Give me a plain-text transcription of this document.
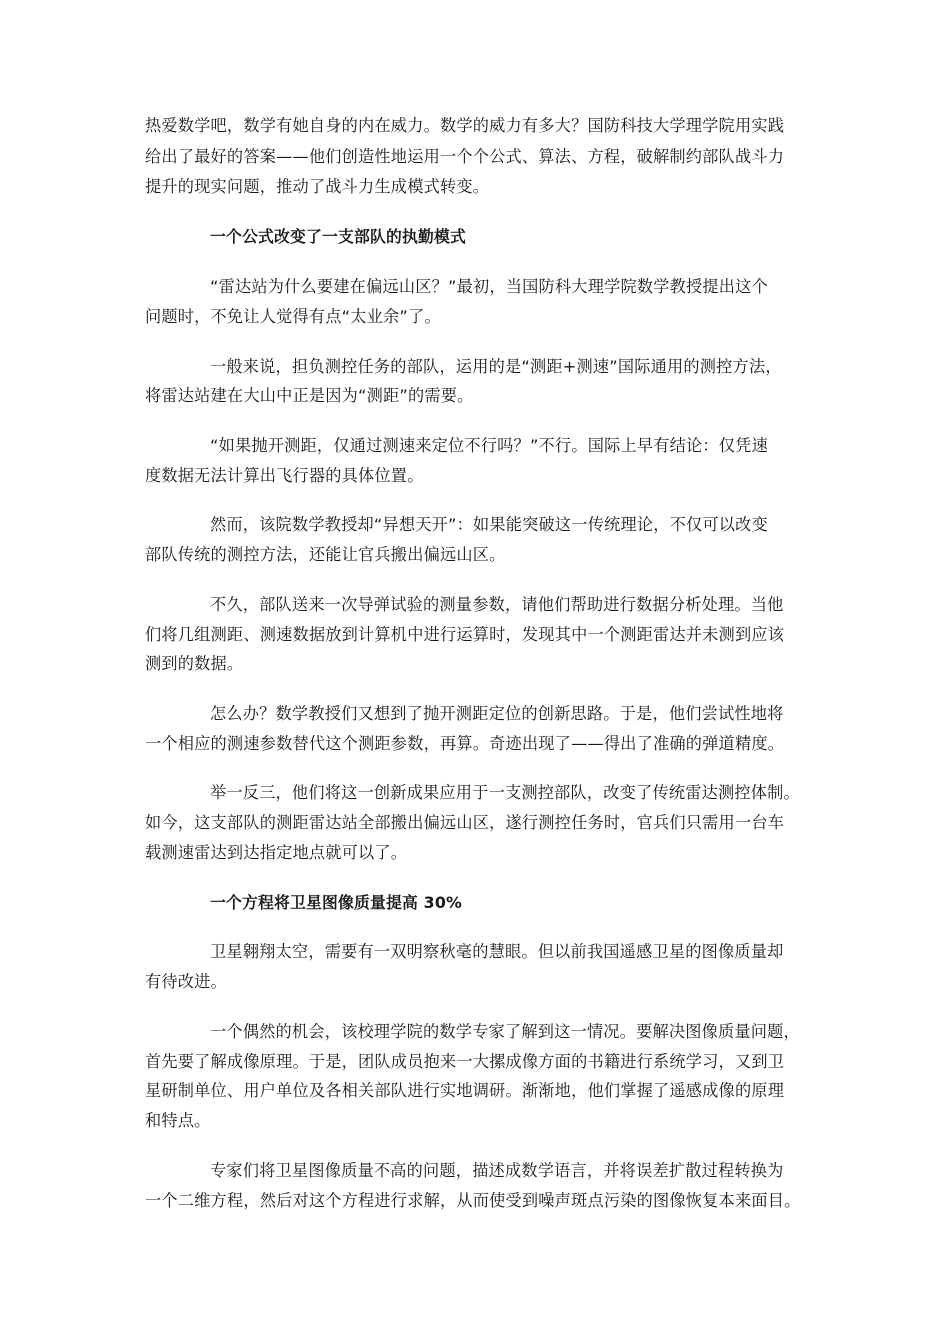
热爱数学吧，数学有她自身的内在威力。数学的威力有多大？国防科技大学理学院用实践

给出了最好的答案——他们创造性地运用一个个公式、算法、方程，破解制约部队战斗力

提升的现实问题，推动了战斗力生成模式转变。

一个公式改变了一支部队的执勤模式

“雷达站为什么要建在偏远山区？”最初，当国防科大理学院数学教授提出这个

问题时，不免让人觉得有点“太业余”了。

一般来说，担负测控任务的部队，运用的是“测距+测速”国际通用的测控方法，

将雷达站建在大山中正是因为“测距”的需要。

“如果抛开测距，仅通过测速来定位不行吗？”不行。国际上早有结论：仅凭速

度数据无法计算出飞行器的具体位置。

然而，该院数学教授却“异想天开”：如果能突破这一传统理论，不仅可以改变

部队传统的测控方法，还能让官兵搬出偏远山区。

不久，部队送来一次导弹试验的测量参数，请他们帮助进行数据分析处理。当他

们将几组测距、测速数据放到计算机中进行运算时，发现其中一个测距雷达并未测到应该

测到的数据。

怎么办？数学教授们又想到了抛开测距定位的创新思路。于是，他们尝试性地将

一个相应的测速参数替代这个测距参数，再算。奇迹出现了——得出了准确的弹道精度。

举一反三，他们将这一创新成果应用于一支测控部队，改变了传统雷达测控体制。

如今，这支部队的测距雷达站全部搬出偏远山区，遂行测控任务时，官兵们只需用一台车

载测速雷达到达指定地点就可以了。

一个方程将卫星图像质量提高 30%

卫星翱翔太空，需要有一双明察秋毫的慧眼。但以前我国遥感卫星的图像质量却

有待改进。

一个偶然的机会，该校理学院的数学专家了解到这一情况。要解决图像质量问题，

首先要了解成像原理。于是，团队成员抱来一大摞成像方面的书籍进行系统学习，又到卫

星研制单位、用户单位及各相关部队进行实地调研。渐渐地，他们掌握了遥感成像的原理

和特点。

专家们将卫星图像质量不高的问题，描述成数学语言，并将误差扩散过程转换为

一个二维方程，然后对这个方程进行求解，从而使受到噪声斑点污染的图像恢复本来面目。
